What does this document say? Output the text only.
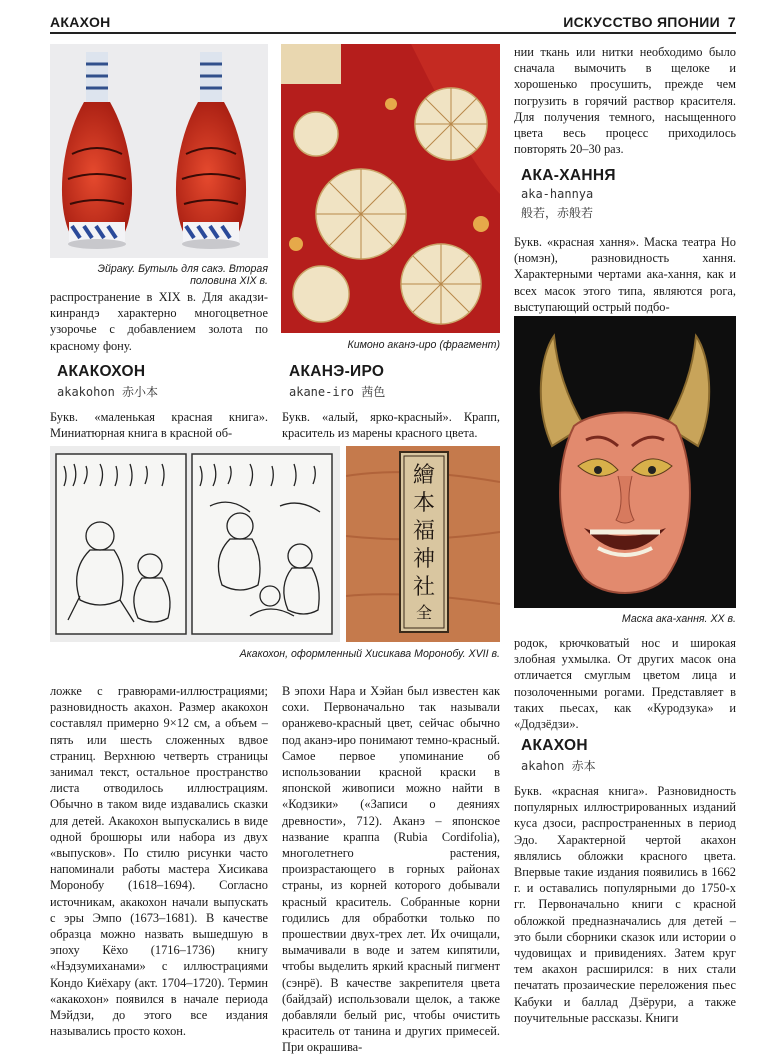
АКАХОН	ИСКУССТВО ЯПОНИИ 7
Эйраку. Бутыль для сакэ. Вторая половина XIX в.
Кимоно аканэ-иро (фрагмент)
распространение в XIX в. Для акадзи-кинрандэ характерно многоцветное узорочье с добавлением золота по красному фону.
АКАКОХОН
akakohon 赤小本
Букв. «маленькая красная книга». Миниатюрная книга в красной об-
АКАНЭ-ИРО
akane-iro 茜色
Букв. «алый, ярко-красный». Крапп, краситель из марены красного цвета.
繪本福神社
全
Акакохон, оформленный Хисикава Моронобу. XVII в.
ложке с гравюрами-иллюстрациями; разновидность акахон. Размер акакохон составлял примерно 9×12 см, а объем – пять или шесть сложенных вдвое страниц. Верхнюю четверть страницы занимал текст, остальное пространство листа отводилось иллюстрациям. Обычно в таком виде издавались сказки для детей. Акакохон выпускались в виде одной брошюры или набора из двух «выпусков». По стилю рисунки часто напоминали работы мастера Хисикава Моронобу (1618–1694). Согласно источникам, акакохон начали выпускать с эры Эмпо (1673–1681). В качестве образца можно назвать вышедшую в эпоху Кёхо (1716–1736) книгу «Нэдзумиханами» с иллюстрациями Кондо Киёхару (акт. 1704–1720). Термин «акакохон» появился в начале периода Мэйдзи, до этого все издания назывались просто кохон.
В эпохи Нара и Хэйан был известен как сохи. Первоначально так называли оранжево-красный цвет, сейчас обычно под аканэ-иро понимают темно-красный. Самое первое упоминание об использовании красной краски в японской живописи можно найти в «Кодзики» («Записи о деяниях древности», 712). Аканэ – японское название краппа (Rubia Cordifolia), многолетнего растения, произрастающего в горных районах страны, из корней которого добывали красный краситель. Собранные корни годились для обработки только по прошествии двух-трех лет. Их очищали, вымачивали в воде и затем кипятили, чтобы выделить яркий красный пигмент (сэнрё). В качестве закрепителя цвета (байдзай) использовали щелок, а также добавляли белый рис, чтобы очистить краситель от танина и других примесей. При окрашива-
нии ткань или нитки необходимо было сначала вымочить в щелоке и хорошенько просушить, прежде чем погрузить в горячий раствор красителя. Для получения темного, насыщенного цвета весь процесс приходилось повторять 20–30 раз.
АКА-ХАННЯ
aka-hannya
般若，赤般若
Букв. «красная хання». Маска театра Но (номэн), разновидность хання. Характерными чертами ака-хання, как и всех масок этого типа, являются рога, выступающий острый подбо-
Маска ака-хання. XX в.
родок, крючковатый нос и широкая злобная ухмылка. От других масок она отличается смуглым цветом лица и позолоченными рогами. Представляет в таких пьесах, как «Куродзука» и «Додзёдзи».
АКАХОН
akahon 赤本
Букв. «красная книга». Разновидность популярных иллюстрированных изданий куса дзоси, распространенных в период Эдо. Характерной чертой акахон являлись обложки красного цвета. Впервые такие издания появились в 1662 г. и оставались популярными до 1750-х гг. Первоначально книги с красной обложкой предназначались для детей – это были сборники сказок или истории о чудовищах и привидениях. Затем круг тем акахон расширился: в них стали печатать прозаические переложения пьес Кабуки и баллад Дзёрури, а также поучительные рассказы. Книги
